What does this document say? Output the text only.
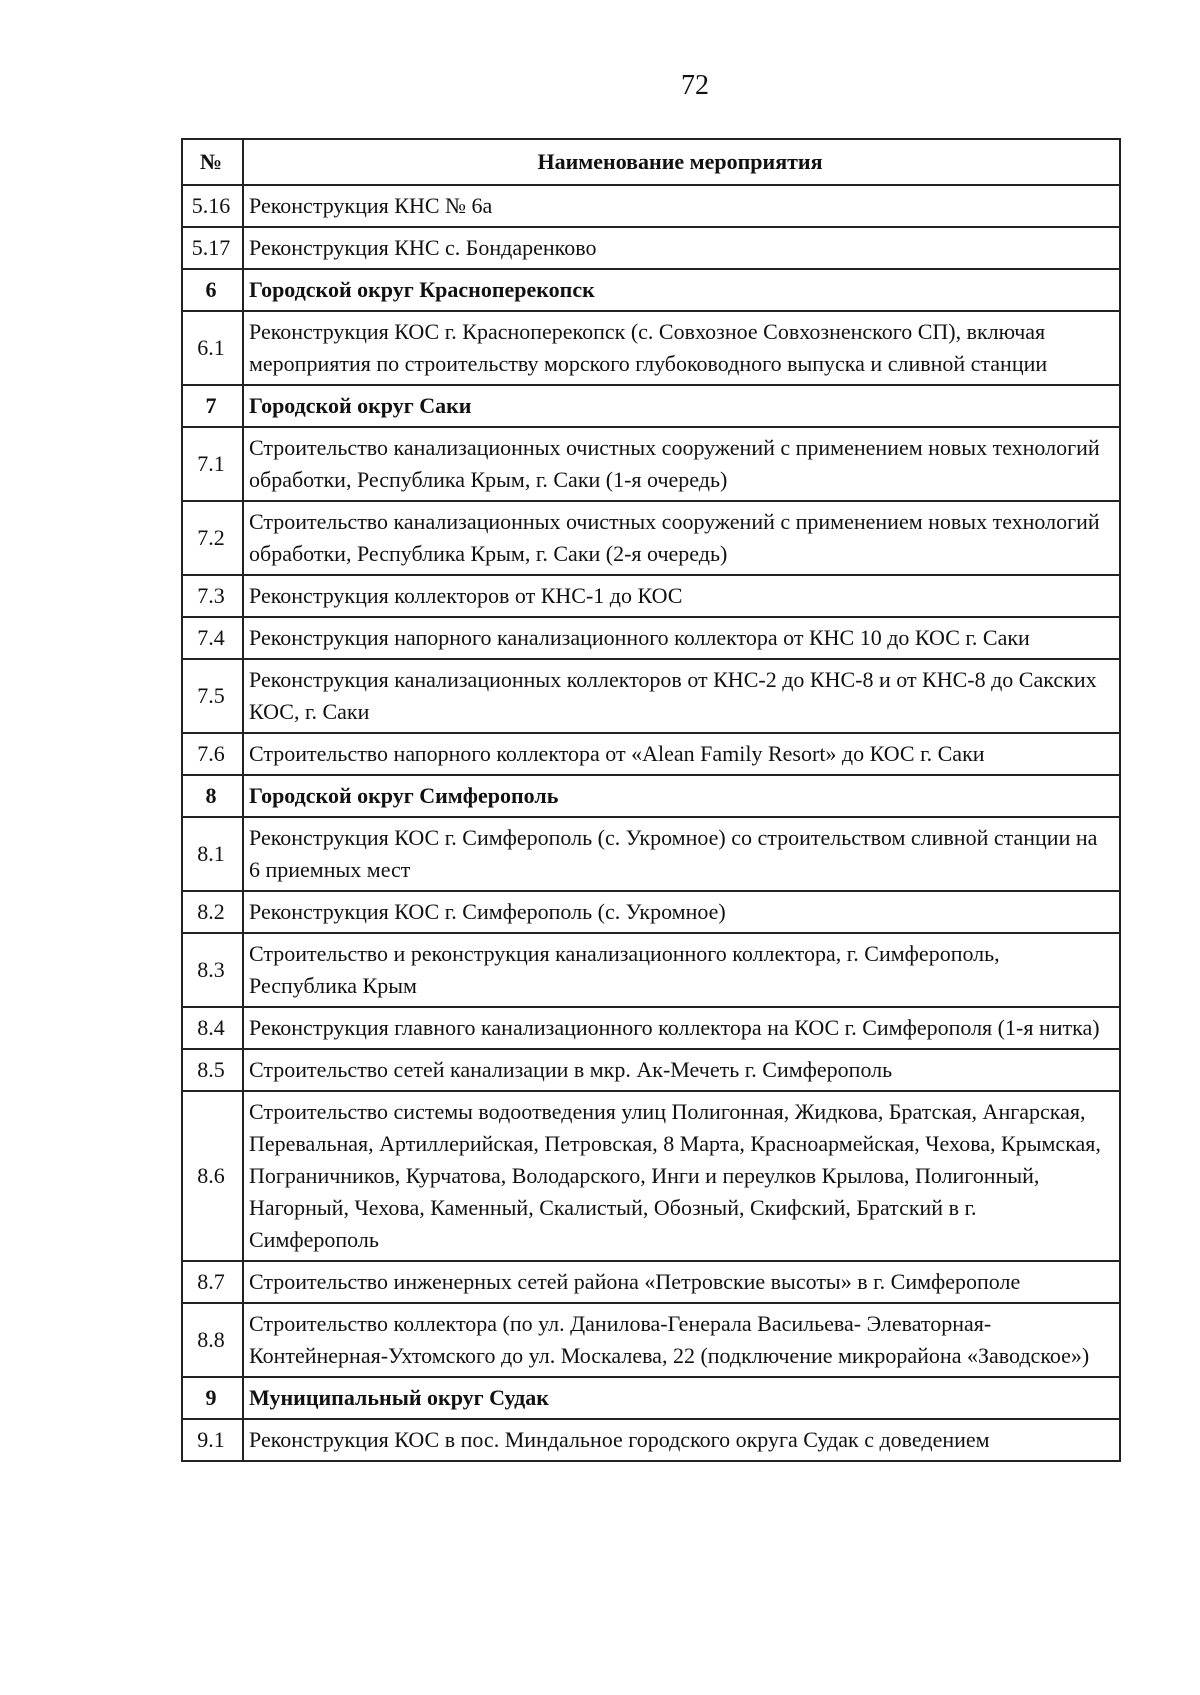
72
№	Наименование мероприятия
5.16	Реконструкция КНС № 6а
5.17	Реконструкция КНС с. Бондаренково
6	Городской округ Красноперекопск
6.1	Реконструкция КОС г. Красноперекопск (с. Совхозное Совхозненского СП), включая мероприятия по строительству морского глубоководного выпуска и сливной станции
7	Городской округ Саки
7.1	Строительство канализационных очистных сооружений с применением новых технологий обработки, Республика Крым, г. Саки (1-я очередь)
7.2	Строительство канализационных очистных сооружений с применением новых технологий обработки, Республика Крым, г. Саки (2-я очередь)
7.3	Реконструкция коллекторов от КНС-1 до КОС
7.4	Реконструкция напорного канализационного коллектора от КНС 10 до КОС г. Саки
7.5	Реконструкция канализационных коллекторов от КНС-2 до КНС-8 и от КНС-8 до Сакских КОС, г. Саки
7.6	Строительство напорного коллектора от «Alean Family Resort» до КОС г. Саки
8	Городской округ Симферополь
8.1	Реконструкция КОС г. Симферополь (с. Укромное) со строительством сливной станции на 6 приемных мест
8.2	Реконструкция КОС г. Симферополь (с. Укромное)
8.3	Строительство и реконструкция канализационного коллектора, г. Симферополь, Республика Крым
8.4	Реконструкция главного канализационного коллектора на КОС г. Симферополя (1-я нитка)
8.5	Строительство сетей канализации в мкр. Ак-Мечеть г. Симферополь
8.6	Строительство системы водоотведения улиц Полигонная, Жидкова, Братская, Ангарская, Перевальная, Артиллерийская, Петровская, 8 Марта, Красноармейская, Чехова, Крымская, Пограничников, Курчатова, Володарского, Инги и переулков Крылова, Полигонный, Нагорный, Чехова, Каменный, Скалистый, Обозный, Скифский, Братский в г. Симферополь
8.7	Строительство инженерных сетей района «Петровские высоты» в г. Симферополе
8.8	Строительство коллектора (по ул. Данилова-Генерала Васильева- Элеваторная-Контейнерная-Ухтомского до ул. Москалева, 22 (подключение микрорайона «Заводское»)
9	Муниципальный округ Судак
9.1	Реконструкция КОС в пос. Миндальное городского округа Судак с доведением
